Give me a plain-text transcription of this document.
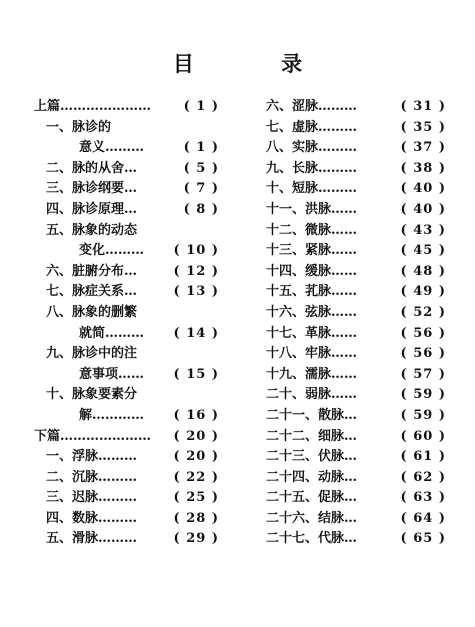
目 录
上篇…………………	( 1 )
一、脉诊的
意义………	( 1 )
二、脉的从舍…	( 5 )
三、脉诊纲要…	( 7 )
四、脉诊原理…	( 8 )
五、脉象的动态
变化……… ( 10 )
六、脏腑分布…	( 12 )
七、脉症关系…	( 13 )
八、脉象的删繁
就简……… ( 14 )
九、脉诊中的注
意事项…… ( 15 )
十、脉象要素分
解………… ( 16 )
下篇………………… ( 20 )
一、浮脉………	( 20 )
二、沉脉………	( 22 )
三、迟脉………	( 25 )
四、数脉………	( 28 )
五、滑脉………	( 29 )
六、涩脉………	( 31 )
七、虚脉………	( 35 )
八、实脉………	( 37 )
九、长脉………	( 38 )
十、短脉………	( 40 )
十一、洪脉……	( 40 )
十二、微脉……	( 43 )
十三、紧脉……	( 45 )
十四、缓脉……	( 48 )
十五、芤脉……	( 49 )
十六、弦脉……	( 52 )
十七、革脉……	( 56 )
十八、牢脉……	( 56 )
十九、濡脉……	( 57 )
二十、弱脉……	( 59 )
二十一、散脉…	( 59 )
二十二、细脉…	( 60 )
二十三、伏脉…	( 61 )
二十四、动脉…	( 62 )
二十五、促脉…	( 63 )
二十六、结脉…	( 64 )
二十七、代脉…	( 65 )
